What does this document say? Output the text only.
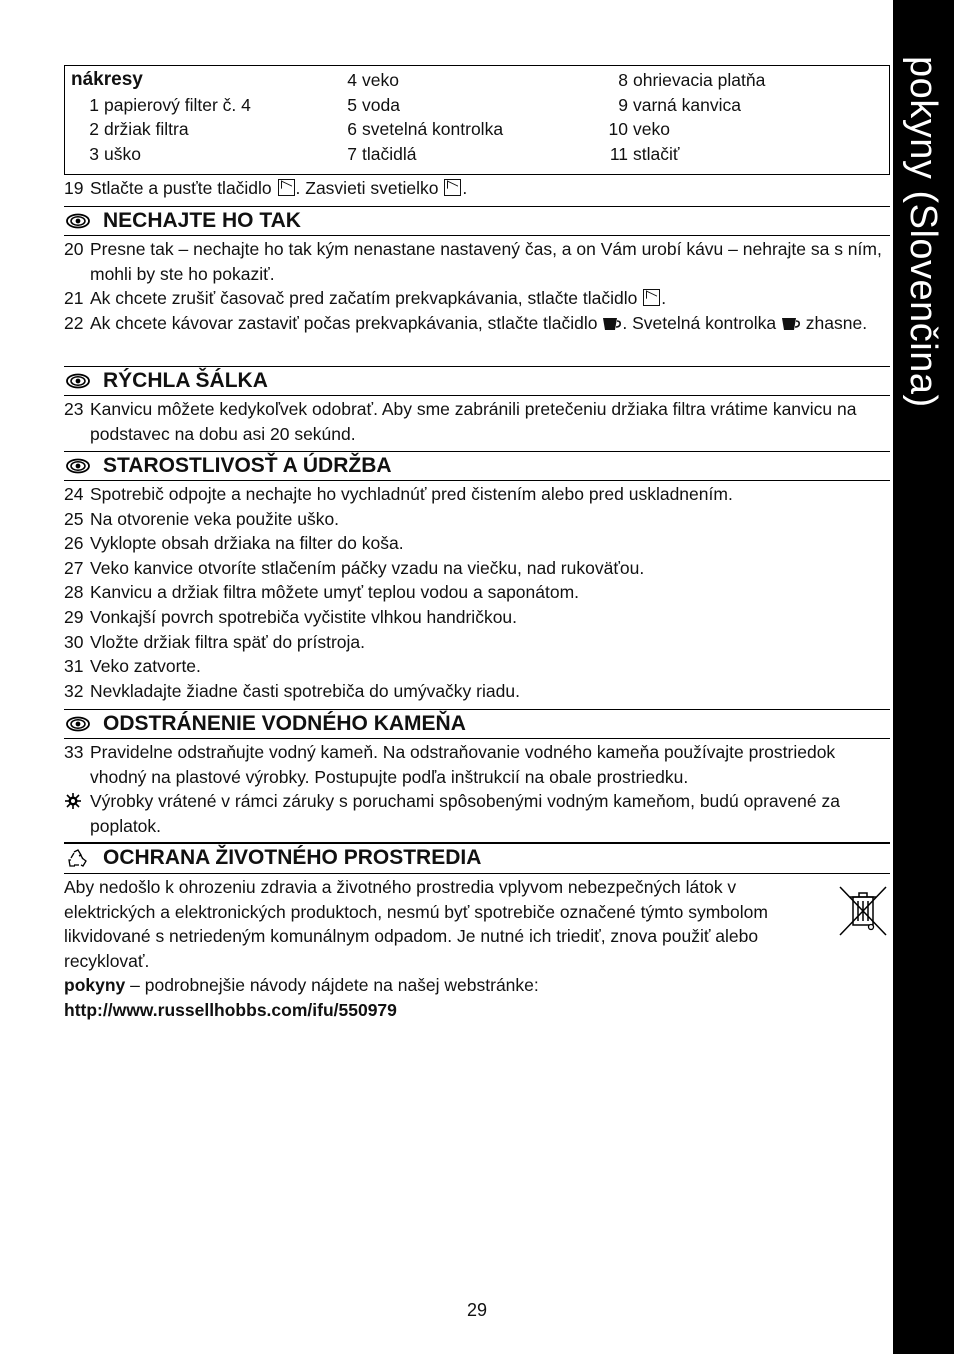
pokyny (Slovenčina)
nákresy
1 papierový filter č. 4
2 držiak filtra
3 uško
4 veko
5 voda
6 svetelná kontrolka
7 tlačidlá
8 ohrievacia platňa
9 varná kanvica
10 veko
11 stlačiť
19 Stlačte a pusťte tlačidlo . Zasvieti svetielko .
NECHAJTE HO TAK
20 Presne tak – nechajte ho tak kým nenastane nastavený čas, a on Vám urobí kávu – nehrajte sa s ním, mohli by ste ho pokaziť.
21 Ak chcete zrušiť časovač pred začatím prekvapkávania, stlačte tlačidlo .
22 Ak chcete kávovar zastaviť počas prekvapkávania, stlačte tlačidlo . Svetelná kontrolka  zhasne.
RÝCHLA ŠÁLKA
23 Kanvicu môžete kedykoľvek odobrať. Aby sme zabránili pretečeniu držiaka filtra vrátime kanvicu na podstavec na dobu asi 20 sekúnd.
STAROSTLIVOSŤ A ÚDRŽBA
24 Spotrebič odpojte a nechajte ho vychladnúť pred čistením alebo pred uskladnením.
25 Na otvorenie veka použite uško.
26 Vyklopte obsah držiaka na filter do koša.
27 Veko kanvice otvoríte stlačením páčky vzadu na viečku, nad rukoväťou.
28 Kanvicu a držiak filtra môžete umyť teplou vodou a saponátom.
29 Vonkajší povrch spotrebiča vyčistite vlhkou handričkou.
30 Vložte držiak filtra späť do prístroja.
31 Veko zatvorte.
32 Nevkladajte žiadne časti spotrebiča do umývačky riadu.
ODSTRÁNENIE VODNÉHO KAMEŇA
33 Pravidelne odstraňujte vodný kameň. Na odstraňovanie vodného kameňa používajte prostriedok vhodný na plastové výrobky. Postupujte podľa inštrukcií na obale prostriedku.
Výrobky vrátené v rámci záruky s poruchami spôsobenými vodným kameňom, budú opravené za poplatok.
OCHRANA ŽIVOTNÉHO PROSTREDIA
Aby nedošlo k ohrozeniu zdravia a životného prostredia vplyvom nebezpečných látok v elektrických a elektronických produktoch, nesmú byť spotrebiče označené týmto symbolom likvidované s netriedeným komunálnym odpadom. Je nutné ich triediť, znova použiť alebo recyklovať.
pokyny – podrobnejšie návody nájdete na našej webstránke:
http://www.russellhobbs.com/ifu/550979
29
